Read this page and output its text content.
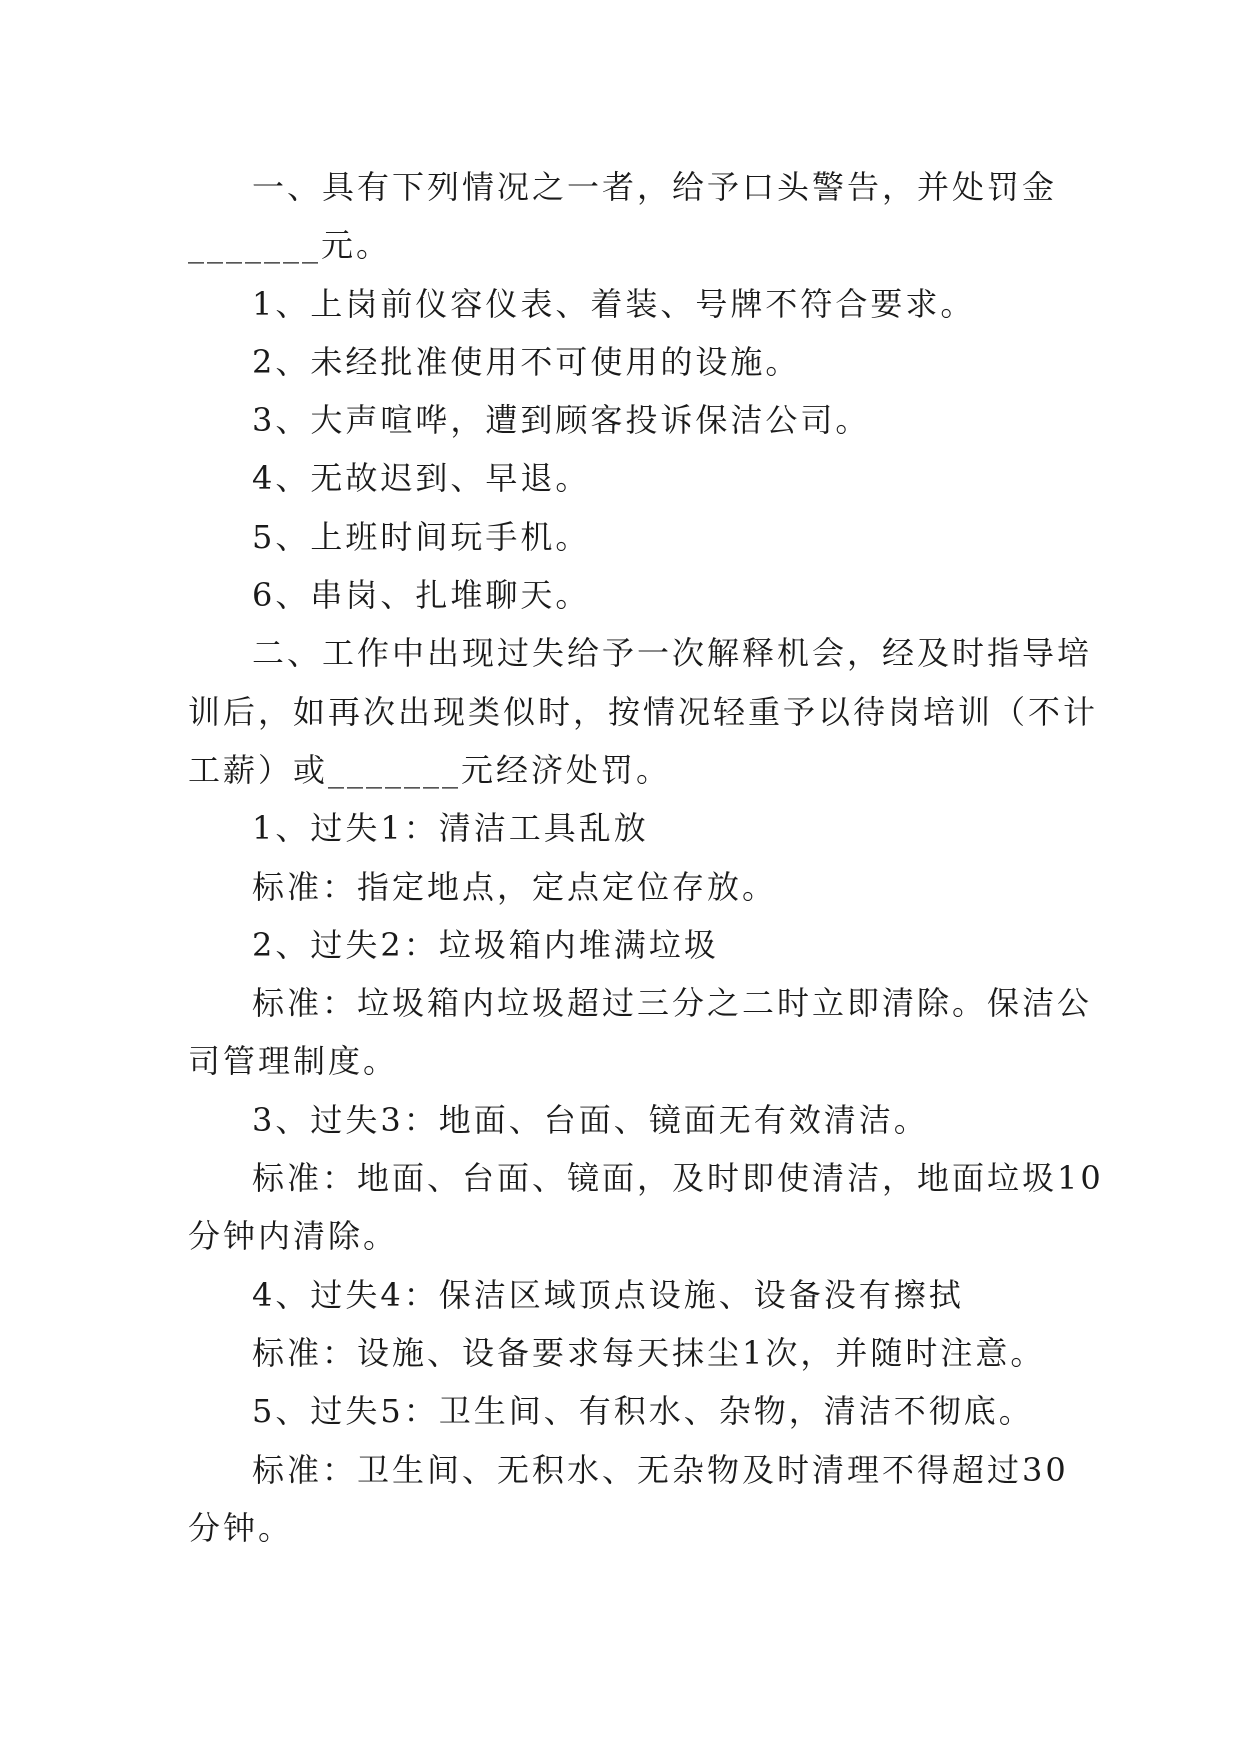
一、具有下列情况之一者，给予口头警告，并处罚金
_______元。
1、上岗前仪容仪表、着装、号牌不符合要求。
2、未经批准使用不可使用的设施。
3、大声喧哗，遭到顾客投诉保洁公司。
4、无故迟到、早退。
5、上班时间玩手机。
6、串岗、扎堆聊天。
二、工作中出现过失给予一次解释机会，经及时指导培
训后，如再次出现类似时，按情况轻重予以待岗培训（不计
工薪）或_______元经济处罚。
1、过失1：清洁工具乱放
标准：指定地点，定点定位存放。
2、过失2：垃圾箱内堆满垃圾
标准：垃圾箱内垃圾超过三分之二时立即清除。保洁公
司管理制度。
3、过失3：地面、台面、镜面无有效清洁。
标准：地面、台面、镜面，及时即使清洁，地面垃圾10
分钟内清除。
4、过失4：保洁区域顶点设施、设备没有擦拭
标准：设施、设备要求每天抹尘1次，并随时注意。
5、过失5：卫生间、有积水、杂物，清洁不彻底。
标准：卫生间、无积水、无杂物及时清理不得超过30
分钟。
